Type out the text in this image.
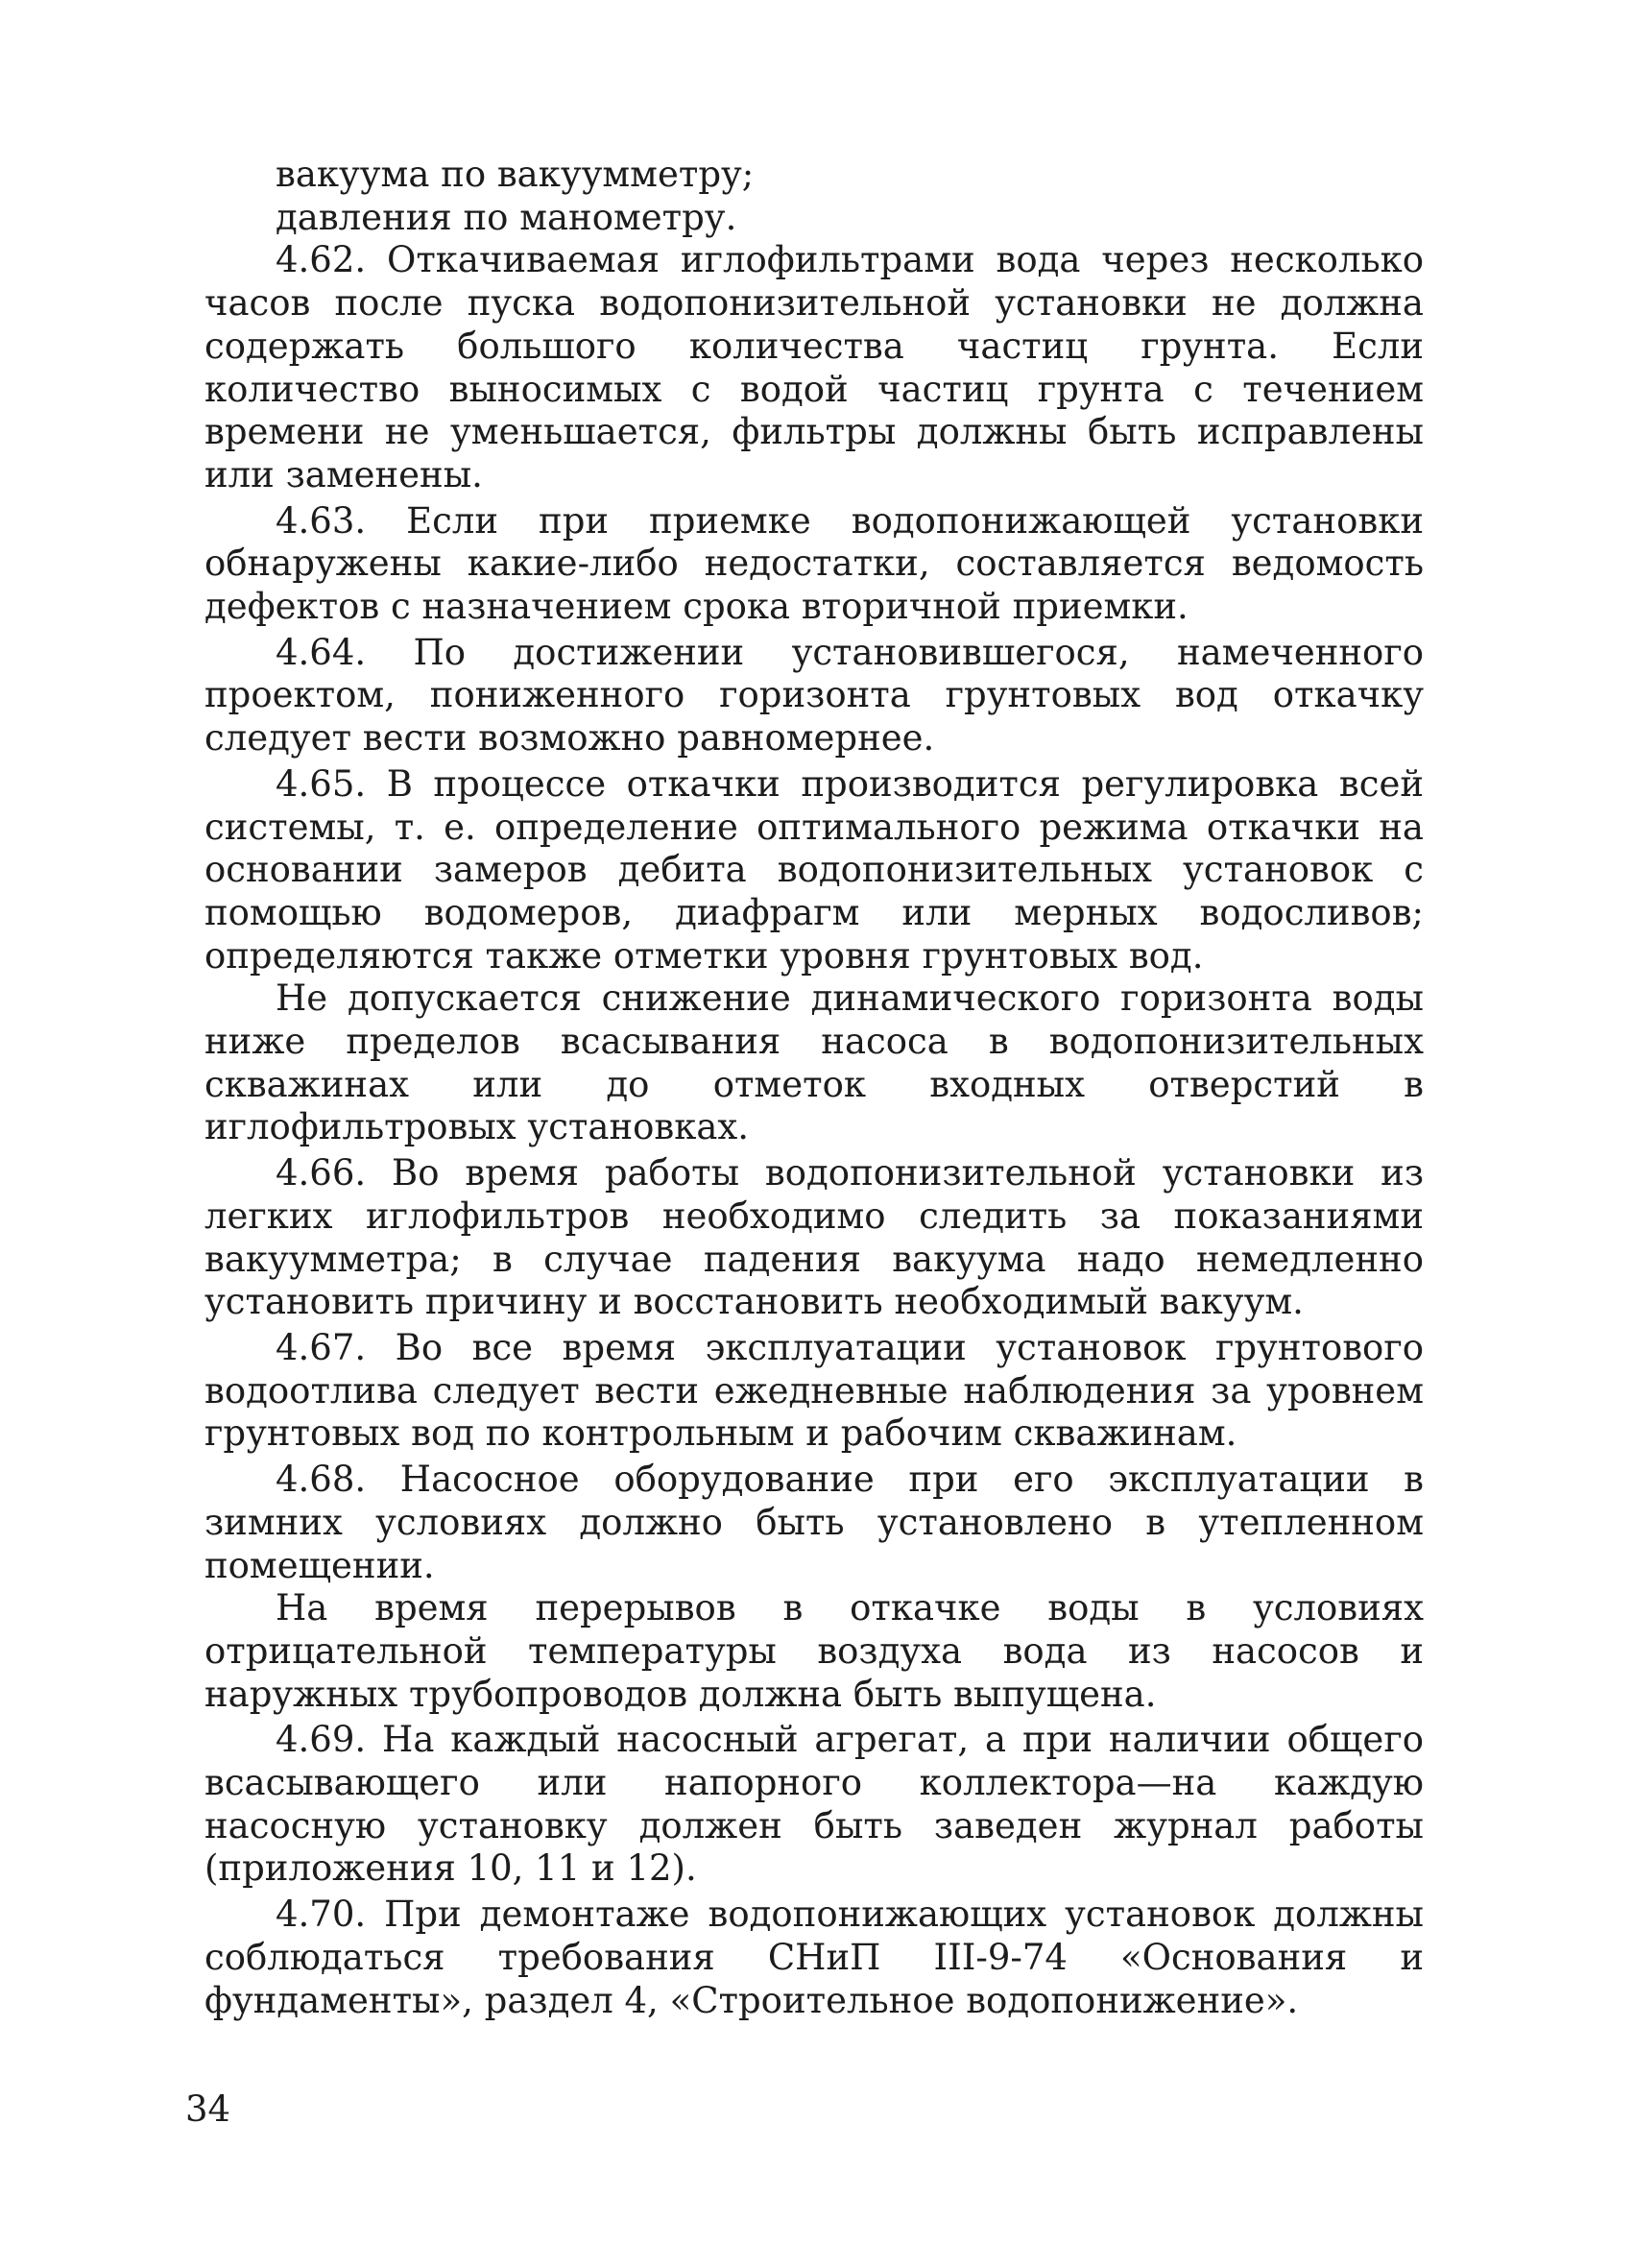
вакуума по вакуумметру;
давления по манометру.
4.62. Откачиваемая иглофильтрами вода через несколько часов после пуска водопонизительной установки не должна содержать большого количества частиц грунта. Если количество выносимых с водой частиц грунта с течением времени не уменьшается, фильтры должны быть исправлены или заменены.
4.63. Если при приемке водопонижающей установки обнаружены какие-либо недостатки, составляется ведомость дефектов с назначением срока вторичной приемки.
4.64. По достижении установившегося, намеченного проектом, пониженного горизонта грунтовых вод откачку следует вести возможно равномернее.
4.65. В процессе откачки производится регулировка всей системы, т. е. определение оптимального режима откачки на основании замеров дебита водопонизительных установок с помощью водомеров, диафрагм или мерных водосливов; определяются также отметки уровня грунтовых вод.
Не допускается снижение динамического горизонта воды ниже пределов всасывания насоса в водопонизительных скважинах или до отметок входных отверстий в иглофильтровых установках.
4.66. Во время работы водопонизительной установки из легких иглофильтров необходимо следить за показаниями вакуумметра; в случае падения вакуума надо немедленно установить причину и восстановить необходимый вакуум.
4.67. Во все время эксплуатации установок грунтового водоотлива следует вести ежедневные наблюдения за уровнем грунтовых вод по контрольным и рабочим скважинам.
4.68. Насосное оборудование при его эксплуатации в зимних условиях должно быть установлено в утепленном помещении.
На время перерывов в откачке воды в условиях отрицательной температуры воздуха вода из насосов и наружных трубопроводов должна быть выпущена.
4.69. На каждый насосный агрегат, а при наличии общего всасывающего или напорного коллектора—на каждую насосную установку должен быть заведен журнал работы (приложения 10, 11 и 12).
4.70. При демонтаже водопонижающих установок должны соблюдаться требования СНиП III-9-74 «Основания и фундаменты», раздел 4, «Строительное водопонижение».
34
